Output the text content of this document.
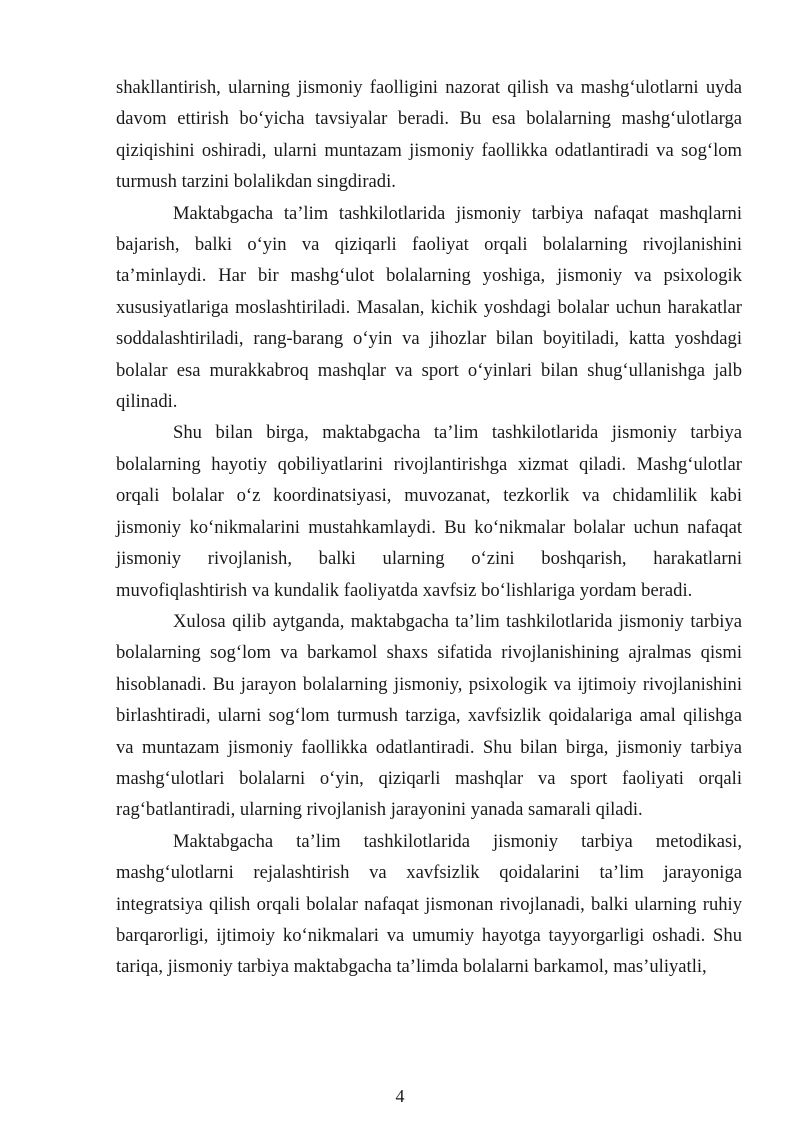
shakllantirish, ularning jismoniy faolligini nazorat qilish va mashg‘ulotlarni uyda davom ettirish bo‘yicha tavsiyalar beradi. Bu esa bolalarning mashg‘ulotlarga qiziqishini oshiradi, ularni muntazam jismoniy faollikka odatlantiradi va sog‘lom turmush tarzini bolalikdan singdiradi.

Maktabgacha ta’lim tashkilotlarida jismoniy tarbiya nafaqat mashqlarni bajarish, balki o‘yin va qiziqarli faoliyat orqali bolalarning rivojlanishini ta’minlaydi. Har bir mashg‘ulot bolalarning yoshiga, jismoniy va psixologik xususiyatlariga moslashtiriladi. Masalan, kichik yoshdagi bolalar uchun harakatlar soddalashtiriladi, rang-barang o‘yin va jihozlar bilan boyitiladi, katta yoshdagi bolalar esa murakkabroq mashqlar va sport o‘yinlari bilan shug‘ullanishga jalb qilinadi.

Shu bilan birga, maktabgacha ta’lim tashkilotlarida jismoniy tarbiya bolalarning hayotiy qobiliyatlarini rivojlantirishga xizmat qiladi. Mashg‘ulotlar orqali bolalar o‘z koordinatsiyasi, muvozanat, tezkorlik va chidamlilik kabi jismoniy ko‘nikmalarini mustahkamlaydi. Bu ko‘nikmalar bolalar uchun nafaqat jismoniy rivojlanish, balki ularning o‘zini boshqarish, harakatlarni muvofiqlashtirish va kundalik faoliyatda xavfsiz bo‘lishlariga yordam beradi.

Xulosa qilib aytganda, maktabgacha ta’lim tashkilotlarida jismoniy tarbiya bolalarning sog‘lom va barkamol shaxs sifatida rivojlanishining ajralmas qismi hisoblanadi. Bu jarayon bolalarning jismoniy, psixologik va ijtimoiy rivojlanishini birlashtiradi, ularni sog‘lom turmush tarziga, xavfsizlik qoidalariga amal qilishga va muntazam jismoniy faollikka odatlantiradi. Shu bilan birga, jismoniy tarbiya mashg‘ulotlari bolalarni o‘yin, qiziqarli mashqlar va sport faoliyati orqali rag‘batlantiradi, ularning rivojlanish jarayonini yanada samarali qiladi.

Maktabgacha ta’lim tashkilotlarida jismoniy tarbiya metodikasi, mashg‘ulotlarni rejalashtirish va xavfsizlik qoidalarini ta’lim jarayoniga integratsiya qilish orqali bolalar nafaqat jismonan rivojlanadi, balki ularning ruhiy barqarorligi, ijtimoiy ko‘nikmalari va umumiy hayotga tayyorgarligi oshadi. Shu tariqa, jismoniy tarbiya maktabgacha ta’limda bolalarni barkamol, mas’uliyatli,

4
